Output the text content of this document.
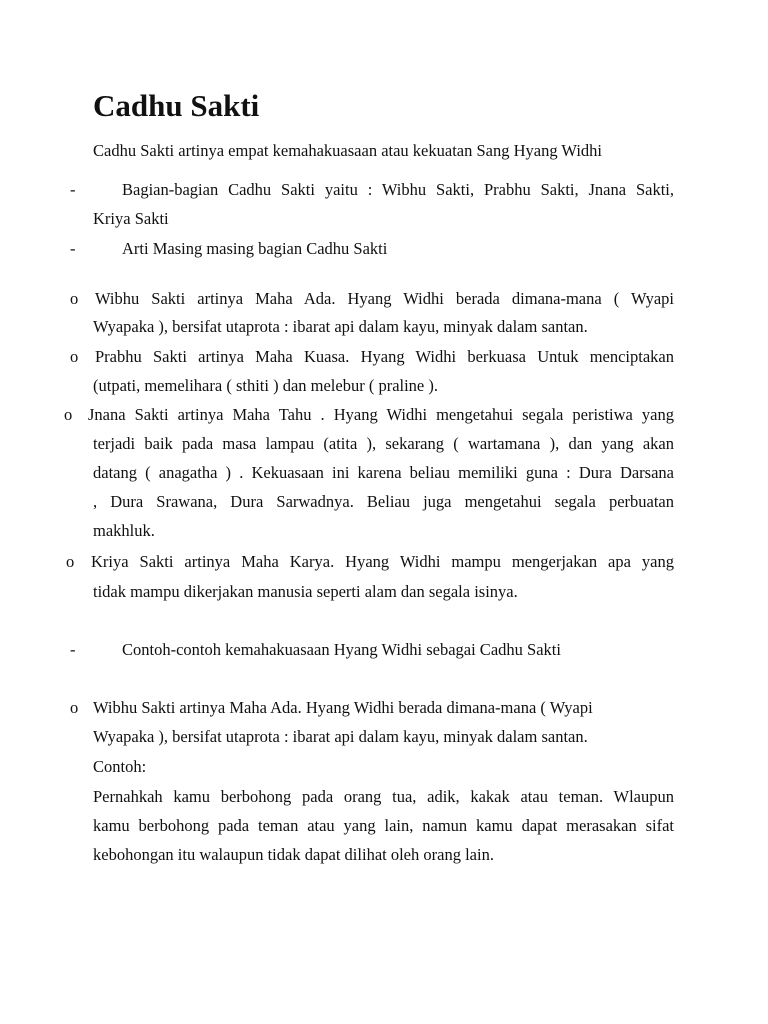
Cadhu Sakti
Cadhu Sakti artinya empat kemahakuasaan atau kekuatan Sang Hyang Widhi
-	Bagian-bagian Cadhu Sakti yaitu : Wibhu Sakti, Prabhu Sakti, Jnana Sakti,
Kriya Sakti
-	Arti Masing masing bagian Cadhu Sakti
o Wibhu Sakti artinya Maha Ada. Hyang Widhi berada dimana-mana ( Wyapi
Wyapaka ), bersifat utaprota : ibarat api dalam kayu, minyak dalam santan.
o Prabhu Sakti artinya Maha Kuasa. Hyang Widhi berkuasa Untuk menciptakan
(utpati, memelihara ( sthiti ) dan melebur ( praline ).
o Jnana Sakti artinya Maha Tahu . Hyang Widhi mengetahui segala peristiwa yang
terjadi baik pada masa lampau (atita ), sekarang ( wartamana ), dan yang akan
datang ( anagatha ) . Kekuasaan ini karena beliau memiliki guna : Dura Darsana
, Dura Srawana, Dura Sarwadnya. Beliau juga mengetahui segala perbuatan
makhluk.
o Kriya Sakti artinya Maha Karya. Hyang Widhi mampu mengerjakan apa yang
tidak mampu dikerjakan manusia seperti alam dan segala isinya.
-	Contoh-contoh kemahakuasaan Hyang Widhi sebagai Cadhu Sakti
o Wibhu Sakti artinya Maha Ada. Hyang Widhi berada dimana-mana ( Wyapi
Wyapaka ), bersifat utaprota : ibarat api dalam kayu, minyak dalam santan.
Contoh:
Pernahkah kamu berbohong pada orang tua, adik, kakak atau teman. Wlaupun
kamu berbohong pada teman atau yang lain, namun kamu dapat merasakan sifat
kebohongan itu walaupun tidak dapat dilihat oleh orang lain.
